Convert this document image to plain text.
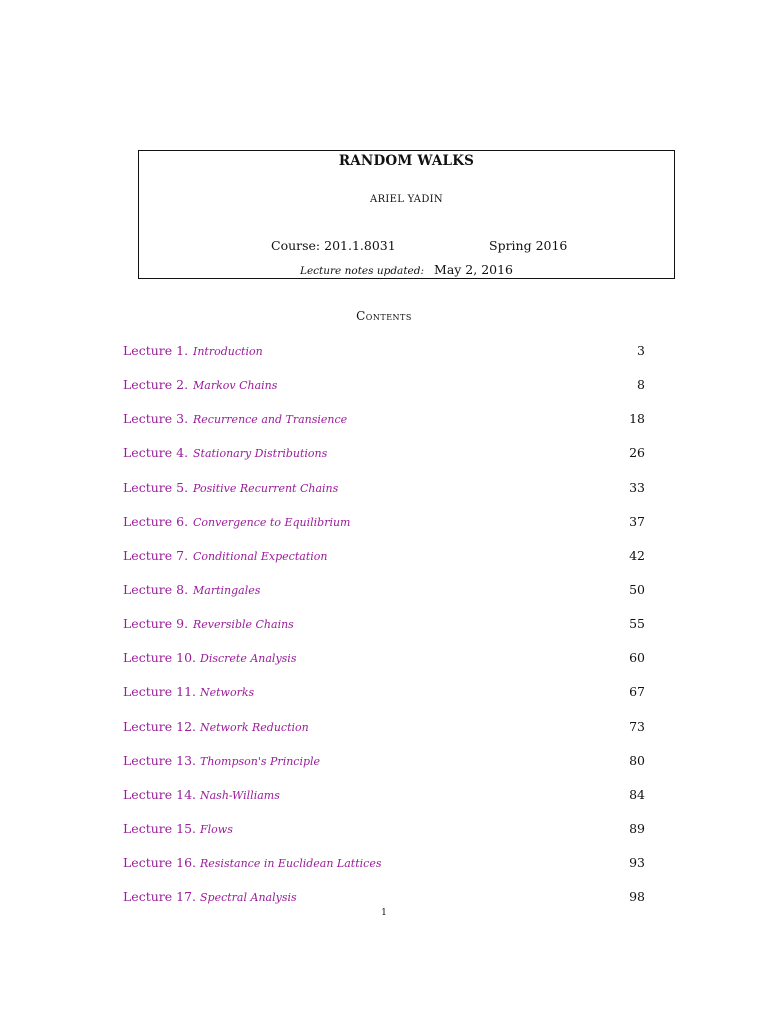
RANDOM WALKS
ARIEL YADIN
Course: 201.1.8031	Spring 2016
Lecture notes updated: May 2, 2016
Contents
Lecture 1. Introduction	3
Lecture 2. Markov Chains	8
Lecture 3. Recurrence and Transience	18
Lecture 4. Stationary Distributions	26
Lecture 5. Positive Recurrent Chains	33
Lecture 6. Convergence to Equilibrium	37
Lecture 7. Conditional Expectation	42
Lecture 8. Martingales	50
Lecture 9. Reversible Chains	55
Lecture 10. Discrete Analysis	60
Lecture 11. Networks	67
Lecture 12. Network Reduction	73
Lecture 13. Thompson's Principle	80
Lecture 14. Nash-Williams	84
Lecture 15. Flows	89
Lecture 16. Resistance in Euclidean Lattices	93
Lecture 17. Spectral Analysis	98
1
